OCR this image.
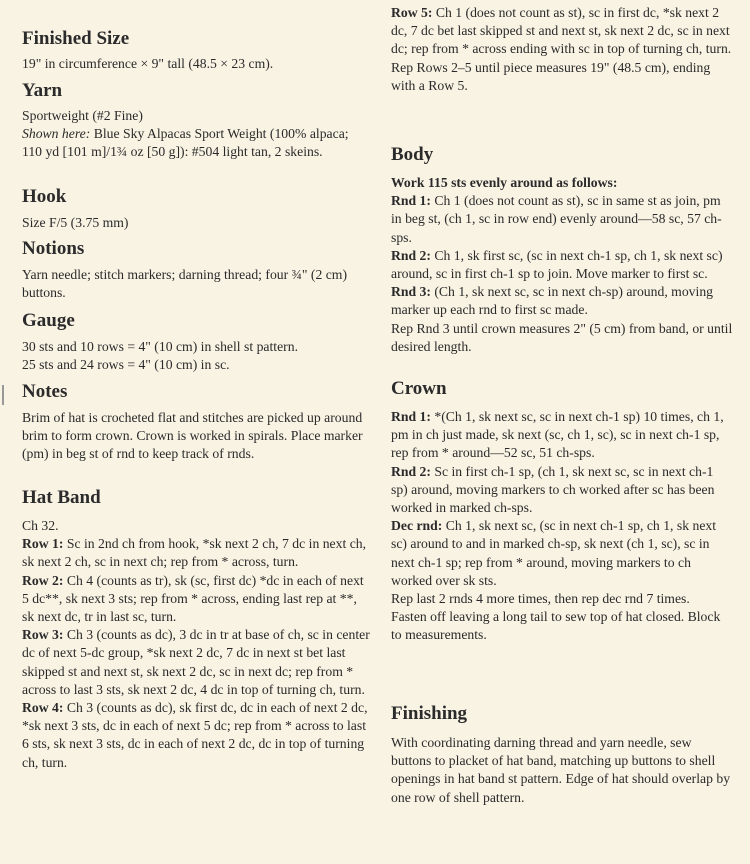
Finished Size

19" in circumference × 9" tall (48.5 × 23 cm).

Yarn

Sportweight (#2 Fine)

Shown here: Blue Sky Alpacas Sport Weight (100% alpaca; 110 yd [101 m]/1¾ oz [50 g]): #504 light tan, 2 skeins.

Hook

Size F/5 (3.75 mm)

Notions

Yarn needle; stitch markers; darning thread; four ¾" (2 cm) buttons.

Gauge

30 sts and 10 rows = 4" (10 cm) in shell st pattern.

25 sts and 24 rows = 4" (10 cm) in sc.

Notes

Brim of hat is crocheted flat and stitches are picked up around brim to form crown. Crown is worked in spirals. Place marker (pm) in beg st of rnd to keep track of rnds.

Hat Band

Ch 32.

Row 1: Sc in 2nd ch from hook, *sk next 2 ch, 7 dc in next ch, sk next 2 ch, sc in next ch; rep from * across, turn.

Row 2: Ch 4 (counts as tr), sk (sc, first dc) *dc in each of next 5 dc**, sk next 3 sts; rep from * across, ending last rep at **, sk next dc, tr in last sc, turn.

Row 3: Ch 3 (counts as dc), 3 dc in tr at base of ch, sc in center dc of next 5-dc group, *sk next 2 dc, 7 dc in next st bet last skipped st and next st, sk next 2 dc, sc in next dc; rep from * across to last 3 sts, sk next 2 dc, 4 dc in top of turning ch, turn.

Row 4: Ch 3 (counts as dc), sk first dc, dc in each of next 2 dc, *sk next 3 sts, dc in each of next 5 dc; rep from * across to last 6 sts, sk next 3 sts, dc in each of next 2 dc, dc in top of turning ch, turn.

Row 5: Ch 1 (does not count as st), sc in first dc, *sk next 2 dc, 7 dc bet last skipped st and next st, sk next 2 dc, sc in next dc; rep from * across ending with sc in top of turning ch, turn.

Rep Rows 2–5 until piece measures 19" (48.5 cm), ending with a Row 5.

Body

Work 115 sts evenly around as follows:

Rnd 1: Ch 1 (does not count as st), sc in same st as join, pm in beg st, (ch 1, sc in row end) evenly around—58 sc, 57 ch-sps.

Rnd 2: Ch 1, sk first sc, (sc in next ch-1 sp, ch 1, sk next sc) around, sc in first ch-1 sp to join. Move marker to first sc.

Rnd 3: (Ch 1, sk next sc, sc in next ch-sp) around, moving marker up each rnd to first sc made.

Rep Rnd 3 until crown measures 2" (5 cm) from band, or until desired length.

Crown

Rnd 1: *(Ch 1, sk next sc, sc in next ch-1 sp) 10 times, ch 1, pm in ch just made, sk next (sc, ch 1, sc), sc in next ch-1 sp, rep from * around—52 sc, 51 ch-sps.

Rnd 2: Sc in first ch-1 sp, (ch 1, sk next sc, sc in next ch-1 sp) around, moving markers to ch worked after sc has been worked in marked ch-sps.

Dec rnd: Ch 1, sk next sc, (sc in next ch-1 sp, ch 1, sk next sc) around to and in marked ch-sp, sk next (ch 1, sc), sc in next ch-1 sp; rep from * around, moving markers to ch worked over sk sts.

Rep last 2 rnds 4 more times, then rep dec rnd 7 times.

Fasten off leaving a long tail to sew top of hat closed. Block to measurements.

Finishing

With coordinating darning thread and yarn needle, sew buttons to placket of hat band, matching up buttons to shell openings in hat band st pattern. Edge of hat should overlap by one row of shell pattern.
